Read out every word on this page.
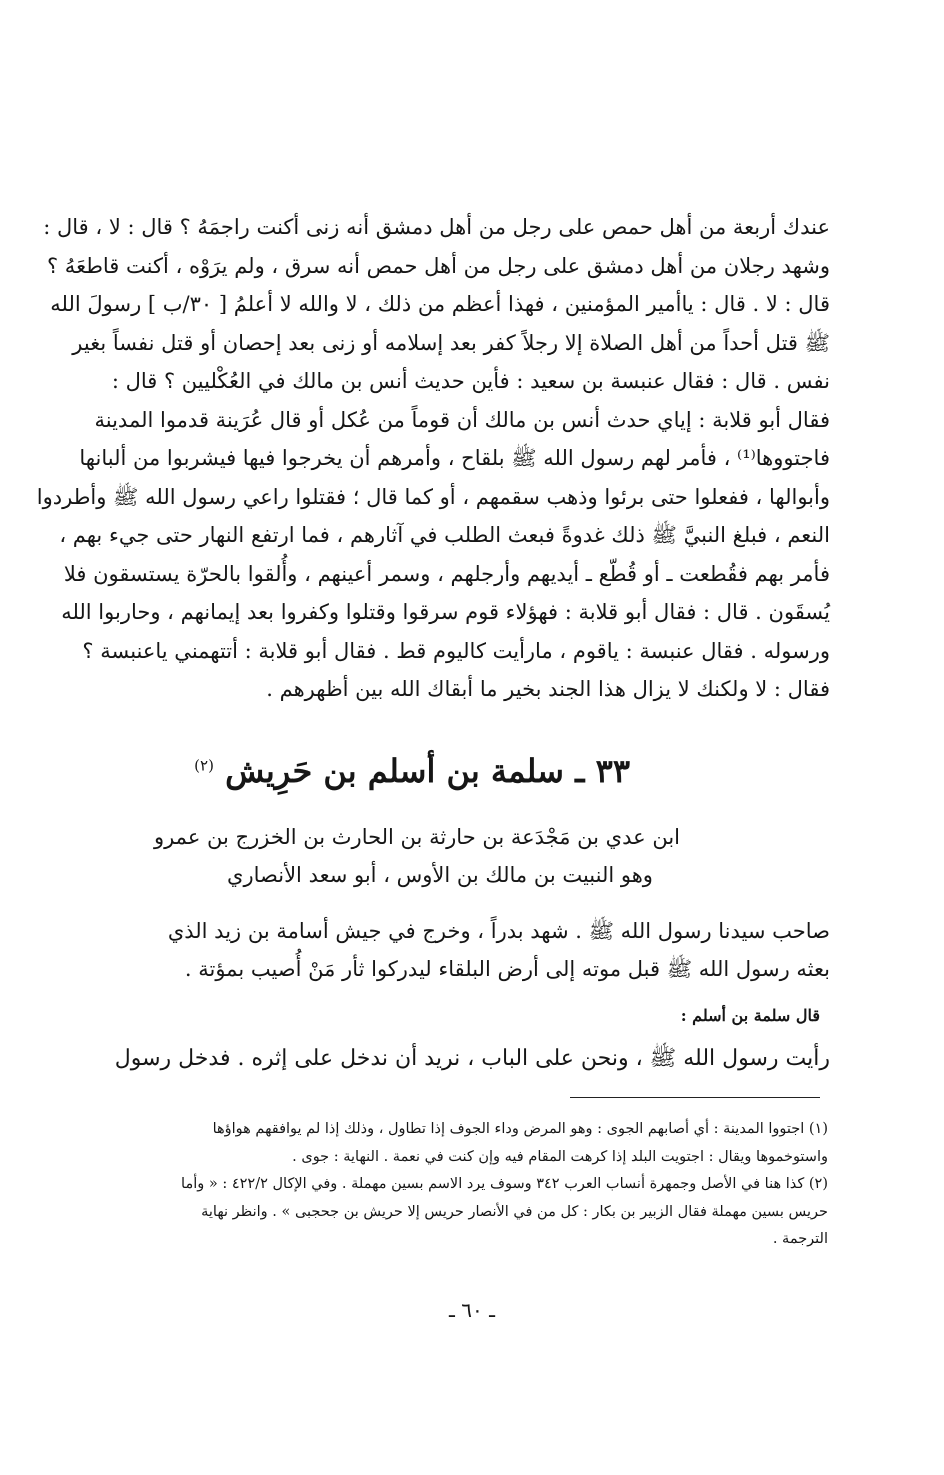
عندك أربعة من أهل حمص على رجل من أهل دمشق أنه زنى أكنت راجمَهُ ؟ قال : لا ، قال :
وشهد رجلان من أهل دمشق على رجل من أهل حمص أنه سرق ، ولم يرَوْه ، أكنت قاطعَهُ ؟
قال : لا . قال : ياأمير المؤمنين ، فهذا أعظم من ذلك ، لا والله لا أعلمُ [ ٣٠/ب ] رسولَ الله
ﷺ قتل أحداً من أهل الصلاة إلا رجلاً كفر بعد إسلامه أو زنى بعد إحصان أو قتل نفساً بغير
نفس . قال : فقال عنبسة بن سعيد : فأين حديث أنس بن مالك في العُكْليين ؟ قال :
فقال أبو قلابة : إياي حدث أنس بن مالك أن قوماً من عُكل أو قال عُرَينة قدموا المدينة
فاجتووها⁽¹⁾ ، فأمر لهم رسول الله ﷺ بلقاح ، وأمرهم أن يخرجوا فيها فيشربوا من ألبانها
وأبوالها ، ففعلوا حتى برئوا وذهب سقمهم ، أو كما قال ؛ فقتلوا راعي رسول الله ﷺ وأطردوا
النعم ، فبلغ النبيَّ ﷺ ذلك غدوةً فبعث الطلب في آثارهم ، فما ارتفع النهار حتى جيء بهم ،
فأمر بهم فقُطعت ـ أو قُطّع ـ أيديهم وأرجلهم ، وسمر أعينهم ، وأُلقوا بالحرّة يستسقون فلا
يُسقَون . قال : فقال أبو قلابة : فهؤلاء قوم سرقوا وقتلوا وكفروا بعد إيمانهم ، وحاربوا الله
ورسوله . فقال عنبسة : ياقوم ، مارأيت كاليوم قط . فقال أبو قلابة : أتتهمني ياعنبسة ؟
فقال : لا ولكنك لا يزال هذا الجند بخير ما أبقاك الله بين أظهرهم .
٣٣ ـ سلمة بن أسلم بن حَرِيش $^{(٢)}$
ابن عدي بن مَجْدَعة بن حارثة بن الحارث بن الخزرج بن عمرو
وهو النبيت بن مالك بن الأوس ، أبو سعد الأنصاري
صاحب سيدنا رسول الله ﷺ . شهد بدراً ، وخرج في جيش أسامة بن زيد الذي
بعثه رسول الله ﷺ قبل موته إلى أرض البلقاء ليدركوا ثأر مَنْ أُصيب بمؤتة .
قال سلمة بن أسلم :
رأيت رسول الله ﷺ ، ونحن على الباب ، نريد أن ندخل على إثره . فدخل رسول
(١) اجتووا المدينة : أي أصابهم الجوى : وهو المرض وداء الجوف إذا تطاول ، وذلك إذا لم يوافقهم هواؤها
واستوخموها ويقال : اجتويت البلد إذا كرهت المقام فيه وإن كنت في نعمة . النهاية : جوى .
(٢) كذا هنا في الأصل وجمهرة أنساب العرب ٣٤٢ وسوف يرد الاسم بسين مهملة . وفي الإكال ٤٢٢/٢ : « وأما
حريس بسين مهملة فقال الزبير بن بكار : كل من في الأنصار حريس إلا حريش بن جحجبى » . وانظر نهاية
الترجمة .
ـ ٦٠ ـ
